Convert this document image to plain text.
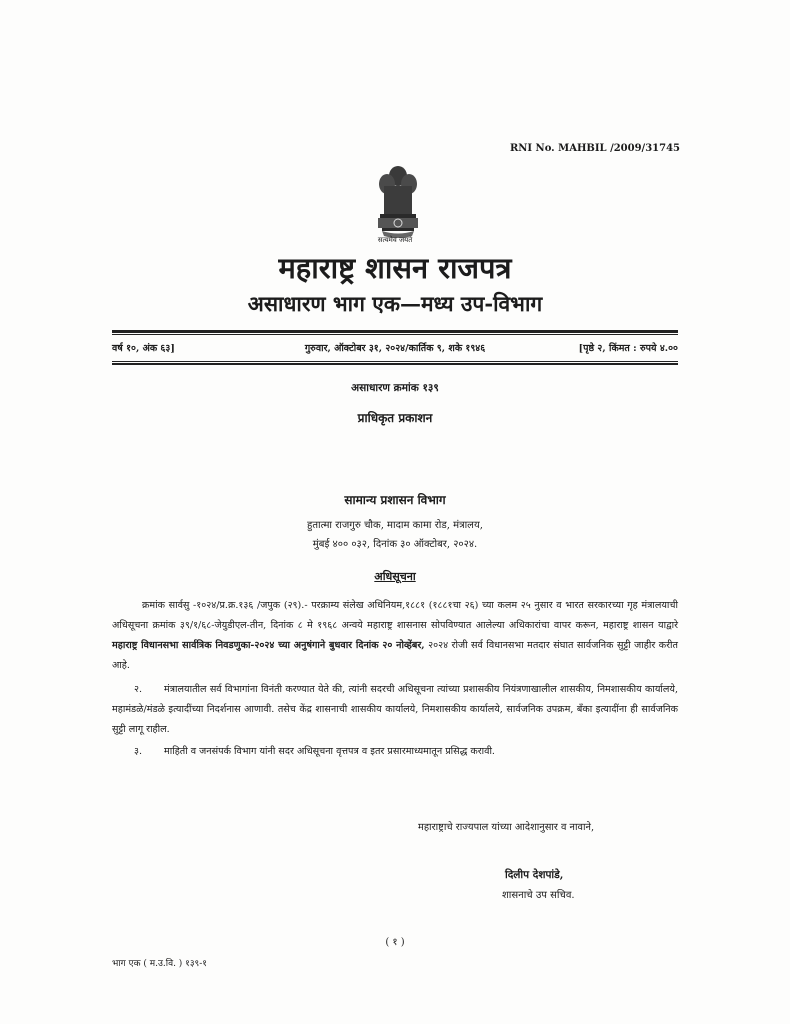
RNI No. MAHBIL /2009/31745
सत्यमेव जयते
महाराष्ट्र शासन राजपत्र
असाधारण भाग एक—मध्य उप-विभाग
वर्ष १०, अंक ६३]	गुरुवार, ऑक्टोबर ३१, २०२४/कार्तिक ९, शके १९४६	[पृष्ठे २, किंमत : रुपये ४.००
असाधारण क्रमांक १३९
प्राधिकृत प्रकाशन
सामान्य प्रशासन विभाग
हुतात्मा राजगुरु चौक, मादाम कामा रोड, मंत्रालय,
मुंबई ४०० ०३२, दिनांक ३० ऑक्टोबर, २०२४.
अधिसूचना
क्रमांक सार्वसु -१०२४/प्र.क्र.१३६ /जपुक (२९).- परक्राम्य संलेख अधिनियम,१८८१ (१८८१चा २६) च्या कलम २५ नुसार व भारत सरकारच्या गृह मंत्रालयाची अधिसूचना क्रमांक ३९/१/६८-जेयुडीएल-तीन, दिनांक ८ मे १९६८ अन्वये महाराष्ट्र शासनास सोपविण्यात आलेल्या अधिकारांचा वापर करून, महाराष्ट्र शासन याद्वारे महाराष्ट्र विधानसभा सार्वत्रिक निवडणुका-२०२४ च्या अनुषंगाने बुधवार दिनांक २० नोव्हेंबर, २०२४ रोजी सर्व विधानसभा मतदार संघात सार्वजनिक सुट्टी जाहीर करीत आहे.
२. मंत्रालयातील सर्व विभागांना विनंती करण्यात येते की, त्यांनी सदरची अधिसूचना त्यांच्या प्रशासकीय नियंत्रणाखालील शासकीय, निमशासकीय कार्यालये, महामंडळे/मंडळे इत्यादींच्या निदर्शनास आणावी. तसेच केंद्र शासनाची शासकीय कार्यालये, निमशासकीय कार्यालये, सार्वजनिक उपक्रम, बँका इत्यादींना ही सार्वजनिक सुट्टी लागू राहील.
३. माहिती व जनसंपर्क विभाग यांनी सदर अधिसूचना वृत्तपत्र व इतर प्रसारमाध्यमातून प्रसिद्ध करावी.
महाराष्ट्राचे राज्यपाल यांच्या आदेशानुसार व नावाने,
दिलीप देशपांडे,
शासनाचे उप सचिव.
( १ )
भाग एक ( म.उ.वि. ) १३९-१
